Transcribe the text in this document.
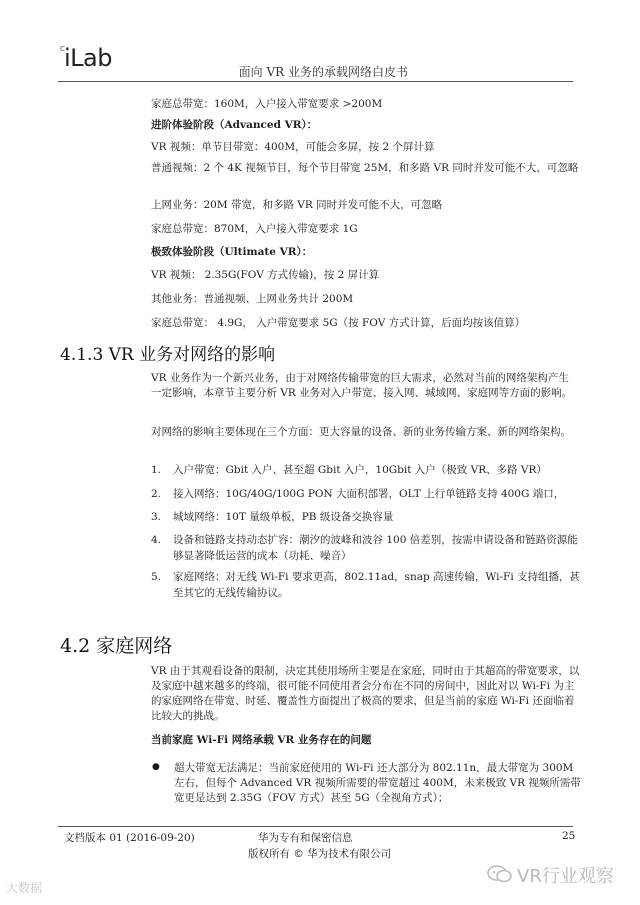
C iLab	面向 VR 业务的承载网络白皮书
家庭总带宽：160M，入户接入带宽要求 >200M
进阶体验阶段（Advanced VR）：
VR 视频：单节目带宽：400M，可能会多屏，按 2 个屏计算
普通视频：2 个 4K 视频节目，每个节目带宽 25M，和多路 VR 同时并发可能不大，可忽略
上网业务：20M 带宽，和多路 VR 同时并发可能不大，可忽略
家庭总带宽：870M，入户接入带宽要求 1G
极致体验阶段（Ultimate VR）：
VR 视频： 2.35G(FOV 方式传输)，按 2 屏计算
其他业务：普通视频、上网业务共计 200M
家庭总带宽： 4.9G， 入户带宽要求 5G（按 FOV 方式计算，后面均按该值算）
4.1.3 VR 业务对网络的影响
VR 业务作为一个新兴业务，由于对网络传输带宽的巨大需求，必然对当前的网络架构产生一定影响，本章节主要分析 VR 业务对入户带宽、接入网、城域网、家庭网等方面的影响。
对网络的影响主要体现在三个方面：更大容量的设备、新的业务传输方案、新的网络架构。
1. 入户带宽：Gbit 入户、甚至超 Gbit 入户，10Gbit 入户（极致 VR、多路 VR）
2. 接入网络：10G/40G/100G PON 大面积部署，OLT 上行单链路支持 400G 端口，
3. 城域网络：10T 量级单板，PB 级设备交换容量
4. 设备和链路支持动态扩容：潮汐的波峰和波谷 100 倍差别，按需申请设备和链路资源能够显著降低运营的成本（功耗、噪音）
5. 家庭网络：对无线 Wi-Fi 要求更高，802.11ad，snap 高速传输，Wi-Fi 支持组播，甚至其它的无线传输协议。
4.2 家庭网络
VR 由于其观看设备的限制，决定其使用场所主要是在家庭，同时由于其超高的带宽要求，以及家庭中越来越多的终端，很可能不同使用者会分布在不同的房间中，因此对以 Wi-Fi 为主的家庭网络在带宽、时延、覆盖性方面提出了极高的要求，但是当前的家庭 Wi-Fi 还面临着比较大的挑战。
当前家庭 Wi-Fi 网络承载 VR 业务存在的问题
● 超大带宽无法满足：当前家庭使用的 Wi-Fi 还大部分为 802.11n，最大带宽为 300M 左右，但每个 Advanced VR 视频所需要的带宽超过 400M，未来极致 VR 视频所需带宽更是达到 2.35G（FOV 方式）甚至 5G（全视角方式）；
文档版本 01 (2016-09-20)	华为专有和保密信息
版权所有 © 华为技术有限公司
25
大数据
VR行业观察
